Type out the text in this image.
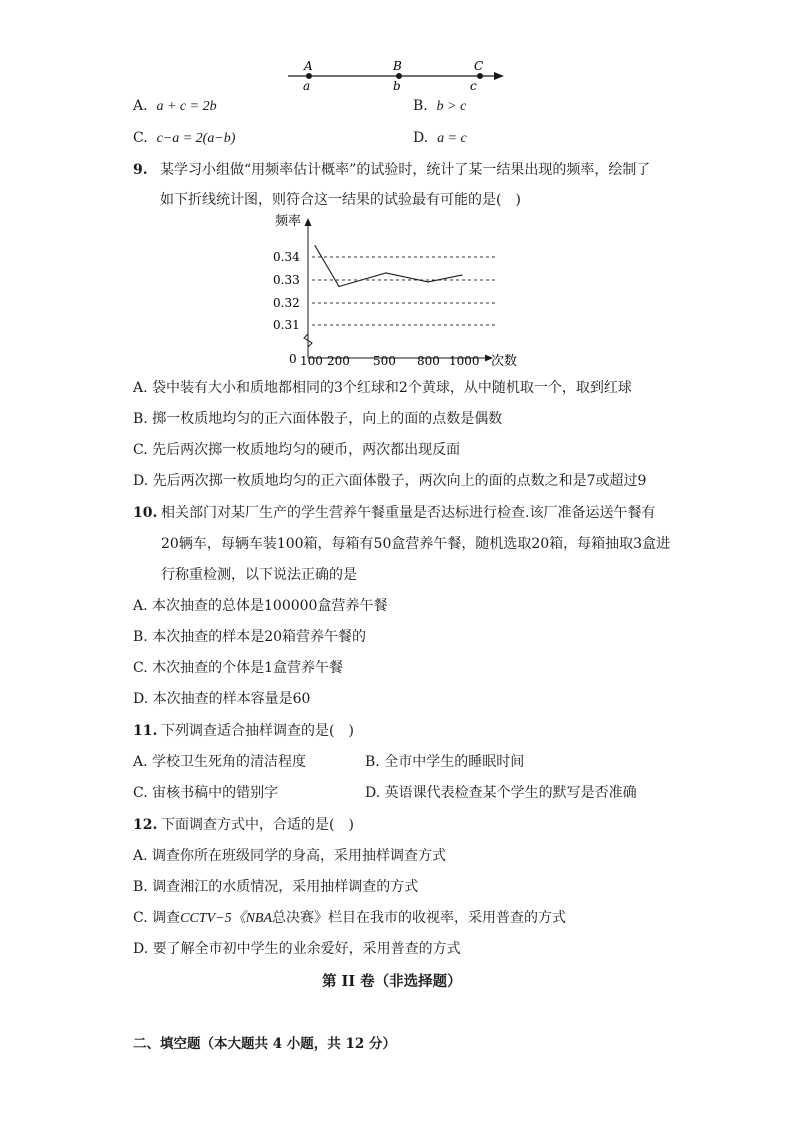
A	B	C
a	b	c
A. a + c = 2b	B. b > c
C. c−a = 2(a−b)	D. a = c
9. 某学习小组做“用频率估计概率”的试验时，统计了某一结果出现的频率，绘制了
如下折线统计图，则符合这一结果的试验最有可能的是(　)
频率
次数
0
0.34
0.33
0.32
0.31
100 200 500 800 1000
A. 袋中装有大小和质地都相同的3个红球和2个黄球，从中随机取一个，取到红球
B. 掷一枚质地均匀的正六面体骰子，向上的面的点数是偶数
C. 先后两次掷一枚质地均匀的硬币，两次都出现反面
D. 先后两次掷一枚质地均匀的正六面体骰子，两次向上的面的点数之和是7或超过9
10. 相关部门对某厂生产的学生营养午餐重量是否达标进行检查.该厂准备运送午餐有
20辆车，每辆车装100箱，每箱有50盒营养午餐，随机选取20箱，每箱抽取3盒进
行称重检测，以下说法正确的是
A. 本次抽查的总体是100000盒营养午餐
B. 本次抽查的样本是20箱营养午餐的
C. 木次抽查的个体是1盒营养午餐
D. 本次抽查的样本容量是60
11. 下列调查适合抽样调查的是(　)
A. 学校卫生死角的清洁程度	B. 全市中学生的睡眠时间
C. 宙核书稿中的错别字	D. 英语课代表检查某个学生的默写是否准确
12. 下面调查方式中，合适的是(　)
A. 调查你所在班级同学的身高，采用抽样调查方式
B. 调查湘江的水质情况，采用抽样调查的方式
C. 调查CCTV−5《NBA总决赛》栏目在我市的收视率，采用普查的方式
D. 要了解全市初中学生的业余爱好，采用普查的方式
第 II 卷（非选择题）
二、填空题（本大题共 4 小题，共 12 分）
